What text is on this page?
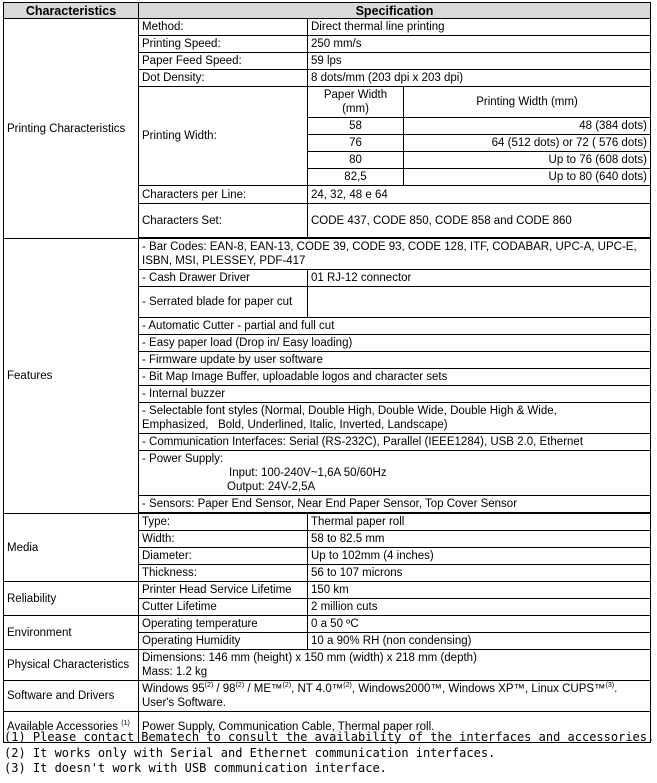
Characteristics	Specification		
Printing Characteristics	Method:	Direct thermal line printing	
	Printing Speed:	250 mm/s	
	Paper Feed Speed:	59 lps	
	Dot Density:	8 dots/mm (203 dpi x 203 dpi)	
	Printing Width:	Paper Width (mm)	Printing Width (mm)
		58	48 (384 dots)
		76	64 (512 dots) or 72 ( 576 dots)
		80	Up to 76 (608 dots)
		82,5	Up to 80 (640 dots)
	Characters per Line:	24, 32, 48 e 64	
	Characters Set:	CODE 437, CODE 850, CODE 858 and CODE 860	

Features	- Bar Codes: EAN-8, EAN-13, CODE 39, CODE 93, CODE 128, ITF, CODABAR, UPC-A, UPC-E, ISBN, MSI, PLESSEY, PDF-417		
	- Cash Drawer Driver	01 RJ-12 connector	
	- Serrated blade for paper cut		
	- Automatic Cutter - partial and full cut		
	- Easy paper load (Drop in/ Easy loading)		
	- Firmware update by user software		
	- Bit Map Image Buffer, uploadable logos and character sets		
	- Internal buzzer		

	- Selectable font styles (Normal, Double High, Double Wide, Double High & Wide,
Emphasized,   Bold, Underlined, Italic, Inverted, Landscape)		

	- Communication Interfaces: Serial (RS-232C), Parallel (IEEE1284), USB 2.0, Ethernet		

	- Power Supply:
Input: 100-240V~1,6A 50/60Hz
Output: 24V-2,5A		

	- Sensors: Paper End Sensor, Near End Paper Sensor, Top Cover Sensor		

Media	Type:	Thermal paper roll	
	Width:	58 to 82.5 mm	
	Diameter:	Up to 102mm (4 inches)	
	Thickness:	56 to 107 microns	
Reliability	Printer Head Service Lifetime	150 km	
	Cutter Lifetime	2 million cuts	
Environment	Operating temperature	0 a 50 ºC	
	Operating Humidity	10 a 90% RH (non condensing)	
Physical Characteristics	Dimensions: 146 mm (height) x 150 mm (width) x 218 mm (depth)
Mass: 1.2 kg		

Software and Drivers	Windows 95$^{(2)}$ / 98$^{(2)}$ / ME™$^{(2)}$, NT 4.0™$^{(2)}$, Windows2000™, Windows XP™, Linux CUPS™$^{(3)}$.
User's Software.		

Available Accessories $^{(1)}$	Power Supply, Communication Cable, Thermal paper roll.		
(1) Please contact Bematech to consult the availability of the interfaces and accessories.
(2) It works only with Serial and Ethernet communication interfaces.
(3) It doesn't work with USB communication interface.
